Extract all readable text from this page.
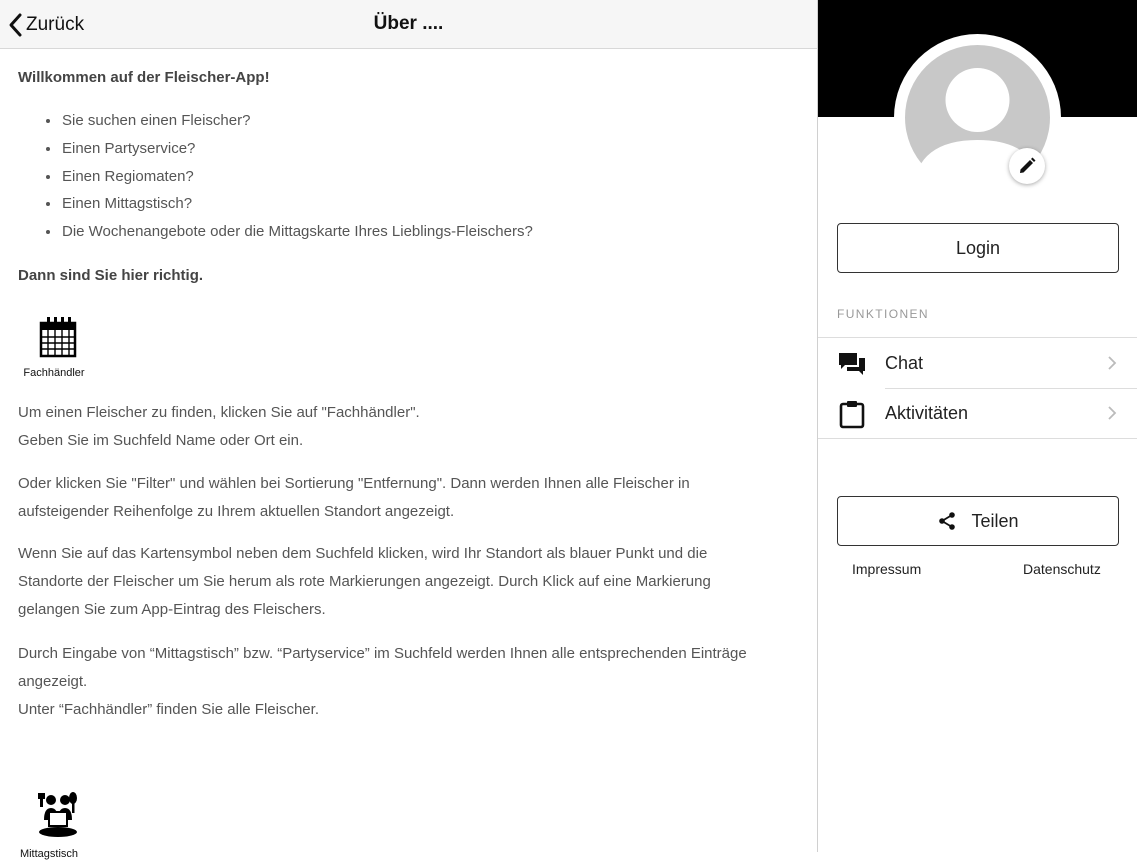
Zurück	Über ....
Willkommen auf der Fleischer-App!
Sie suchen einen Fleischer?
Einen Partyservice?
Einen Regiomaten?
Einen Mittagstisch?
Die Wochenangebote oder die Mittagskarte Ihres Lieblings-Fleischers?
Dann sind Sie hier richtig.
Fachhändler
Um einen Fleischer zu finden, klicken Sie auf "Fachhändler".
Geben Sie im Suchfeld Name oder Ort ein.
Oder klicken Sie "Filter" und wählen bei Sortierung "Entfernung". Dann werden Ihnen alle Fleischer in
aufsteigender Reihenfolge zu Ihrem aktuellen Standort angezeigt.
Wenn Sie auf das Kartensymbol neben dem Suchfeld klicken, wird Ihr Standort als blauer Punkt und die
Standorte der Fleischer um Sie herum als rote Markierungen angezeigt. Durch Klick auf eine Markierung
gelangen Sie zum App-Eintrag des Fleischers.
Durch Eingabe von “Mittagstisch” bzw. “Partyservice” im Suchfeld werden Ihnen alle entsprechenden Einträge
angezeigt.
Unter “Fachhändler” finden Sie alle Fleischer.
Mittagstisch
Login
FUNKTIONEN
Chat
Aktivitäten
Teilen
Impressum	Datenschutz
